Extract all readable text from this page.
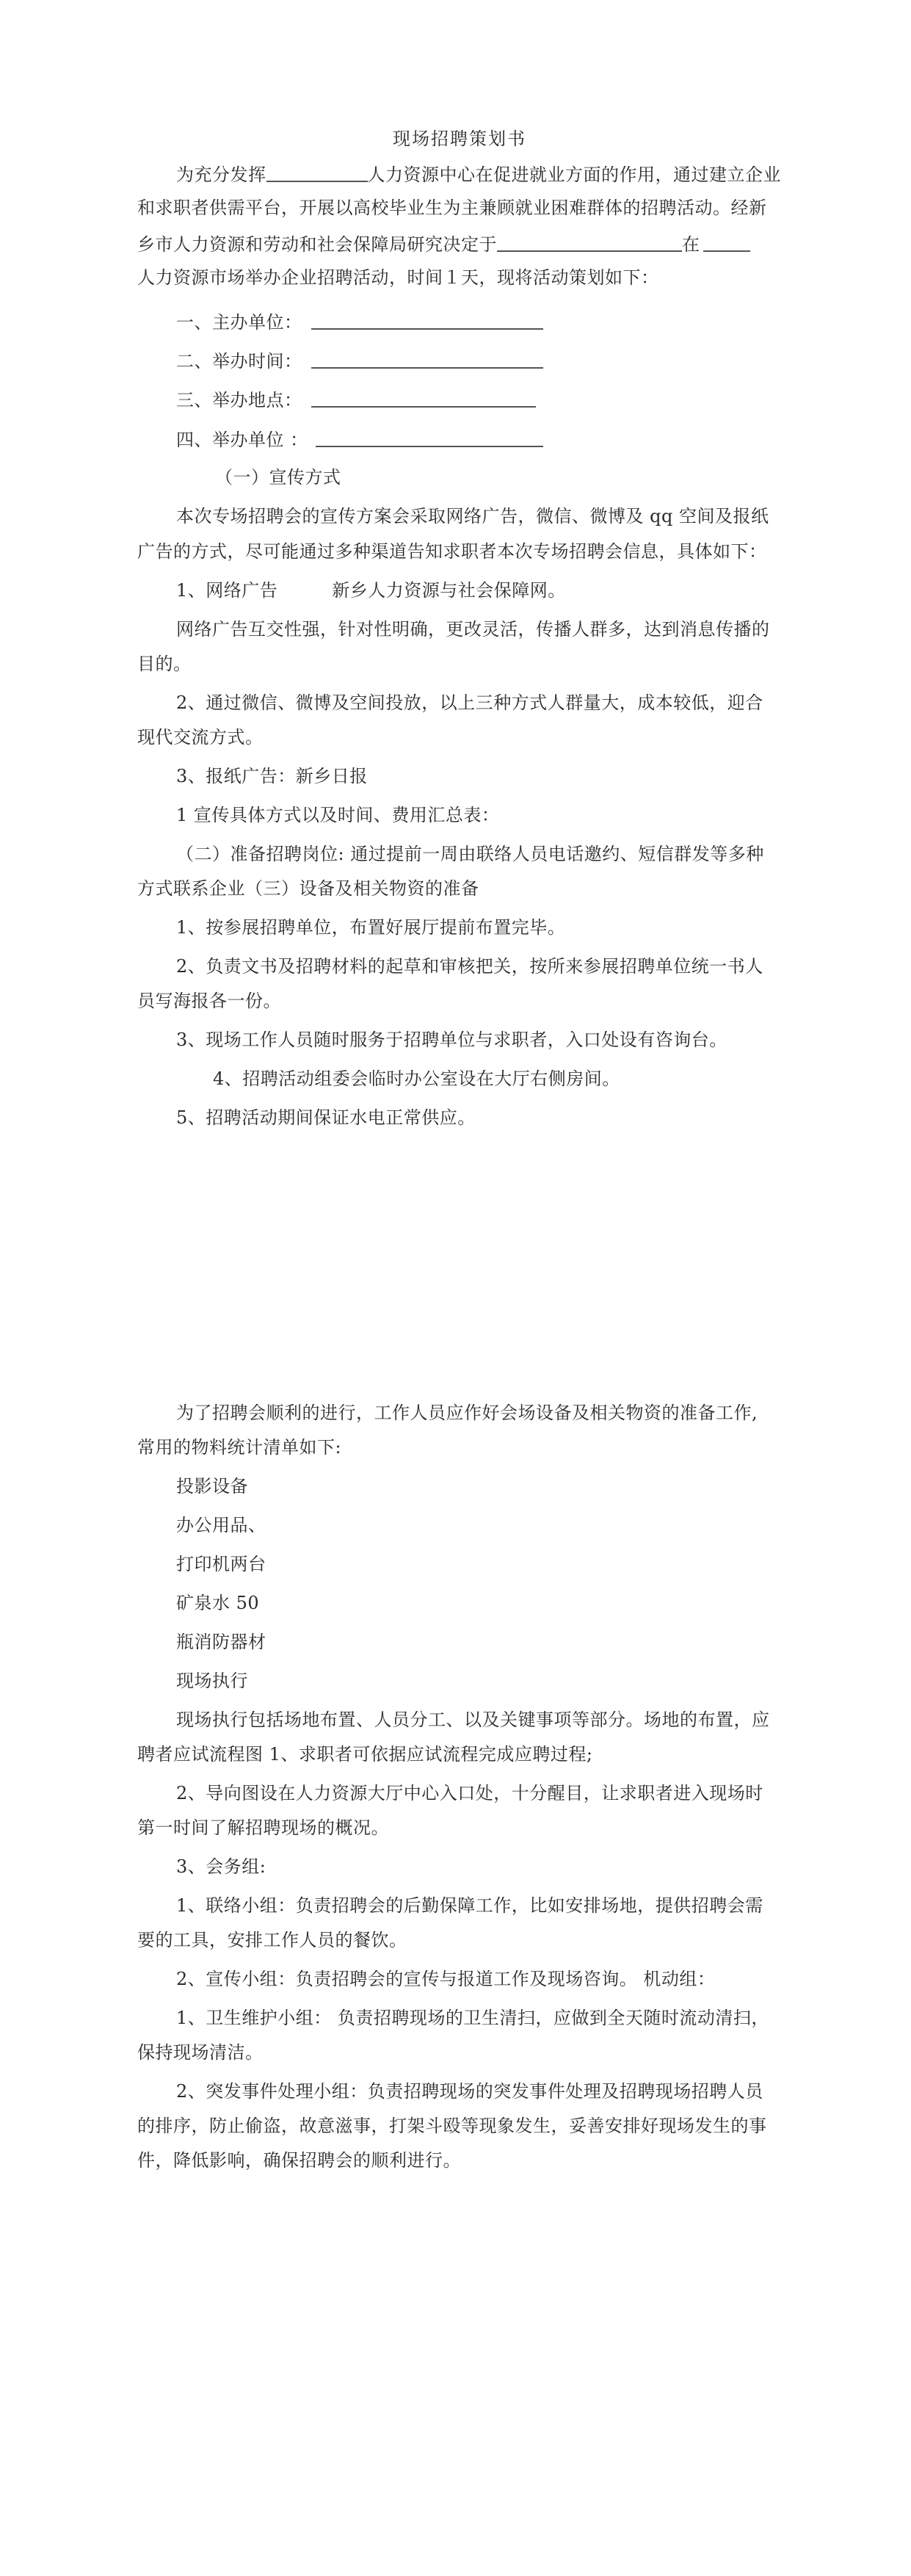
现场招聘策划书
为充分发挥	人力资源中心在促进就业方面的作用，通过建立企业
和求职者供需平台，开展以高校毕业生为主兼顾就业困难群体的招聘活动。经新
乡市人力资源和劳动和社会保障局研究决定于	在
人力资源市场举办企业招聘活动，时间１天，现将活动策划如下：
一、主办单位：
二、举办时间：
三、举办地点：
四、举办单位 ：
（一）宣传方式
本次专场招聘会的宣传方案会采取网络广告，微信、微博及 qq 空间及报纸
广告的方式，尽可能通过多种渠道告知求职者本次专场招聘会信息，具体如下：
1、网络广告	新乡人力资源与社会保障网。
网络广告互交性强，针对性明确，更改灵活，传播人群多，达到消息传播的
目的。
2、通过微信、微博及空间投放，以上三种方式人群量大，成本较低，迎合
现代交流方式。
3、报纸广告：新乡日报
1 宣传具体方式以及时间、费用汇总表：
（二）准备招聘岗位: 通过提前一周由联络人员电话邀约、短信群发等多种
方式联系企业（三）设备及相关物资的准备
1、按参展招聘单位，布置好展厅提前布置完毕。
2、负责文书及招聘材料的起草和审核把关，按所来参展招聘单位统一书人
员写海报各一份。
3、现场工作人员随时服务于招聘单位与求职者，入口处设有咨询台。
4、招聘活动组委会临时办公室设在大厅右侧房间。
5、招聘活动期间保证水电正常供应。
为了招聘会顺利的进行，工作人员应作好会场设备及相关物资的准备工作,
常用的物料统计清单如下:
投影设备
办公用品、
打印机两台
矿泉水 50
瓶消防器材
现场执行
现场执行包括场地布置、人员分工、以及关键事项等部分。场地的布置，应
聘者应试流程图 1、求职者可依据应试流程完成应聘过程;
2、导向图设在人力资源大厅中心入口处，十分醒目，让求职者进入现场时
第一时间了解招聘现场的概况。
3、会务组:
1、联络小组：负责招聘会的后勤保障工作，比如安排场地，提供招聘会需
要的工具，安排工作人员的餐饮。
2、宣传小组：负责招聘会的宣传与报道工作及现场咨询。 机动组：
1、卫生维护小组： 负责招聘现场的卫生清扫，应做到全天随时流动清扫，
保持现场清洁。
2、突发事件处理小组：负责招聘现场的突发事件处理及招聘现场招聘人员
的排序，防止偷盗，故意滋事，打架斗殴等现象发生，妥善安排好现场发生的事
件，降低影响，确保招聘会的顺利进行。
